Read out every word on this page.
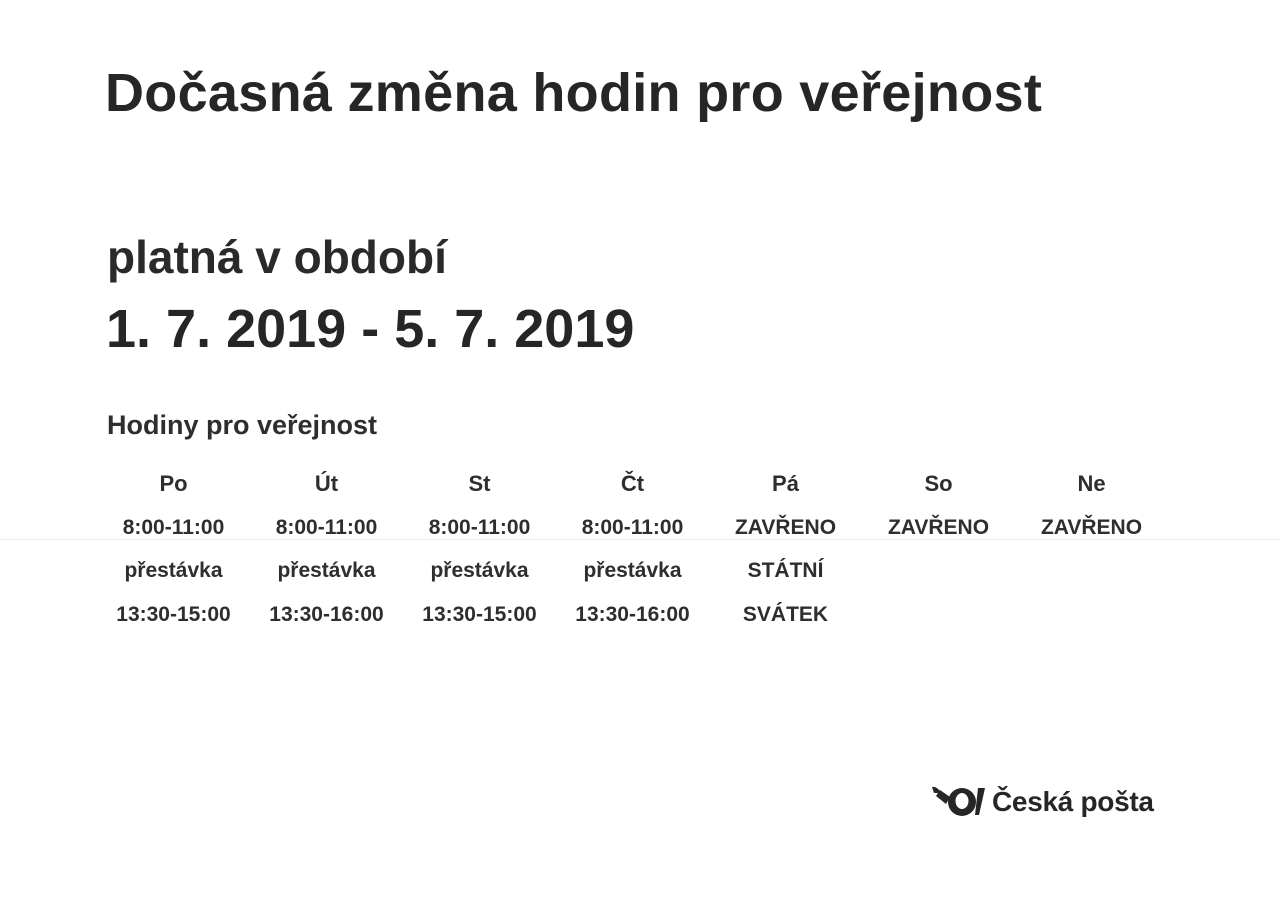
Dočasná změna hodin pro veřejnost
platná v období
1. 7. 2019 - 5. 7. 2019
Hodiny pro veřejnost
Po
8:00-11:00
přestávka
13:30-15:00
Út
8:00-11:00
přestávka
13:30-16:00
St
8:00-11:00
přestávka
13:30-15:00
Čt
8:00-11:00
přestávka
13:30-16:00
Pá
ZAVŘENO
STÁTNÍ
SVÁTEK
So
ZAVŘENO
Ne
ZAVŘENO
Česká pošta
